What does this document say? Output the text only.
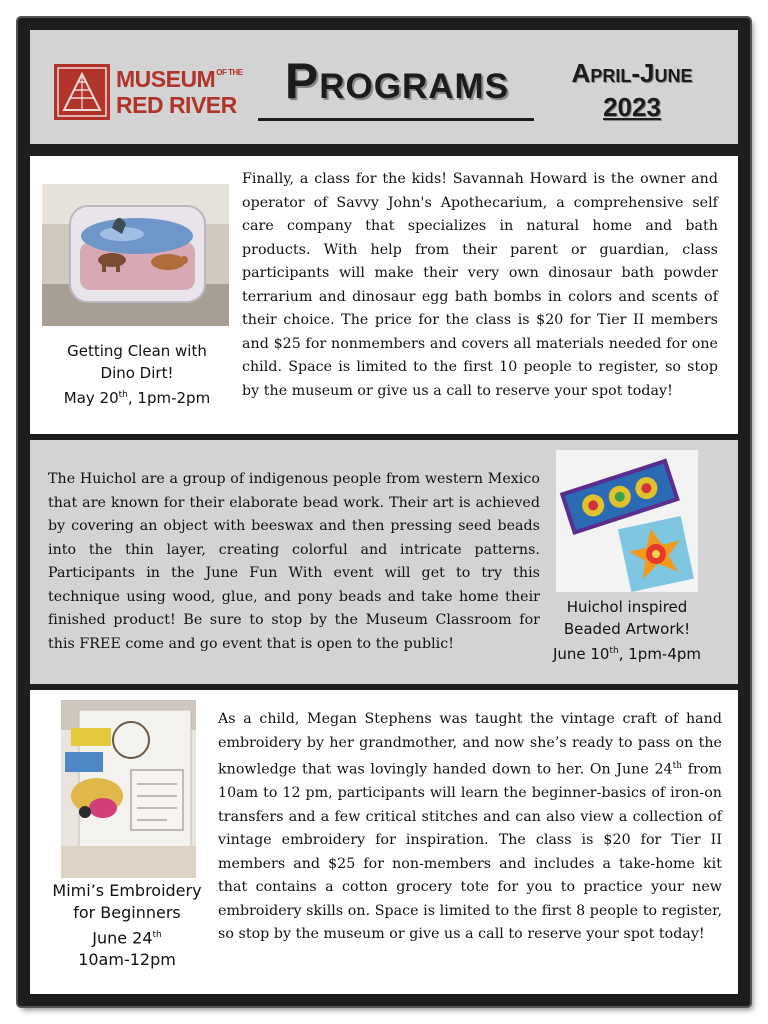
MUSEUMOF THE
RED RIVER Programs	April-June
2023
Getting Clean with
Dino Dirt!
May 20th, 1pm-2pm
Finally, a class for the kids! Savannah Howard is the owner and operator of Savvy John's Apothecarium, a comprehensive self care company that specializes in natural home and bath products. With help from their parent or guardian, class participants will make their very own dinosaur bath powder terrarium and dinosaur egg bath bombs in colors and scents of their choice. The price for the class is $20 for Tier II members and $25 for nonmembers and covers all materials needed for one child. Space is limited to the first 10 people to register, so stop by the museum or give us a call to reserve your spot today!
The Huichol are a group of indigenous people from western Mexico that are known for their elaborate bead work. Their art is achieved by covering an object with beeswax and then pressing seed beads into the thin layer, creating colorful and intricate patterns. Participants in the June Fun With event will get to try this technique using wood, glue, and pony beads and take home their finished product! Be sure to stop by the Museum Classroom for this FREE come and go event that is open to the public!
Huichol inspired
Beaded Artwork!
June 10th, 1pm-4pm
Mimi’s Embroidery
for Beginners
June 24th
10am-12pm
As a child, Megan Stephens was taught the vintage craft of hand embroidery by her grandmother, and now she’s ready to pass on the knowledge that was lovingly handed down to her. On June 24th from 10am to 12 pm, participants will learn the beginner-basics of iron-on transfers and a few critical stitches and can also view a collection of vintage embroidery for inspiration. The class is $20 for Tier II members and $25 for non-members and includes a take-home kit that contains a cotton grocery tote for you to practice your new embroidery skills on. Space is limited to the first 8 people to register, so stop by the museum or give us a call to reserve your spot today!
